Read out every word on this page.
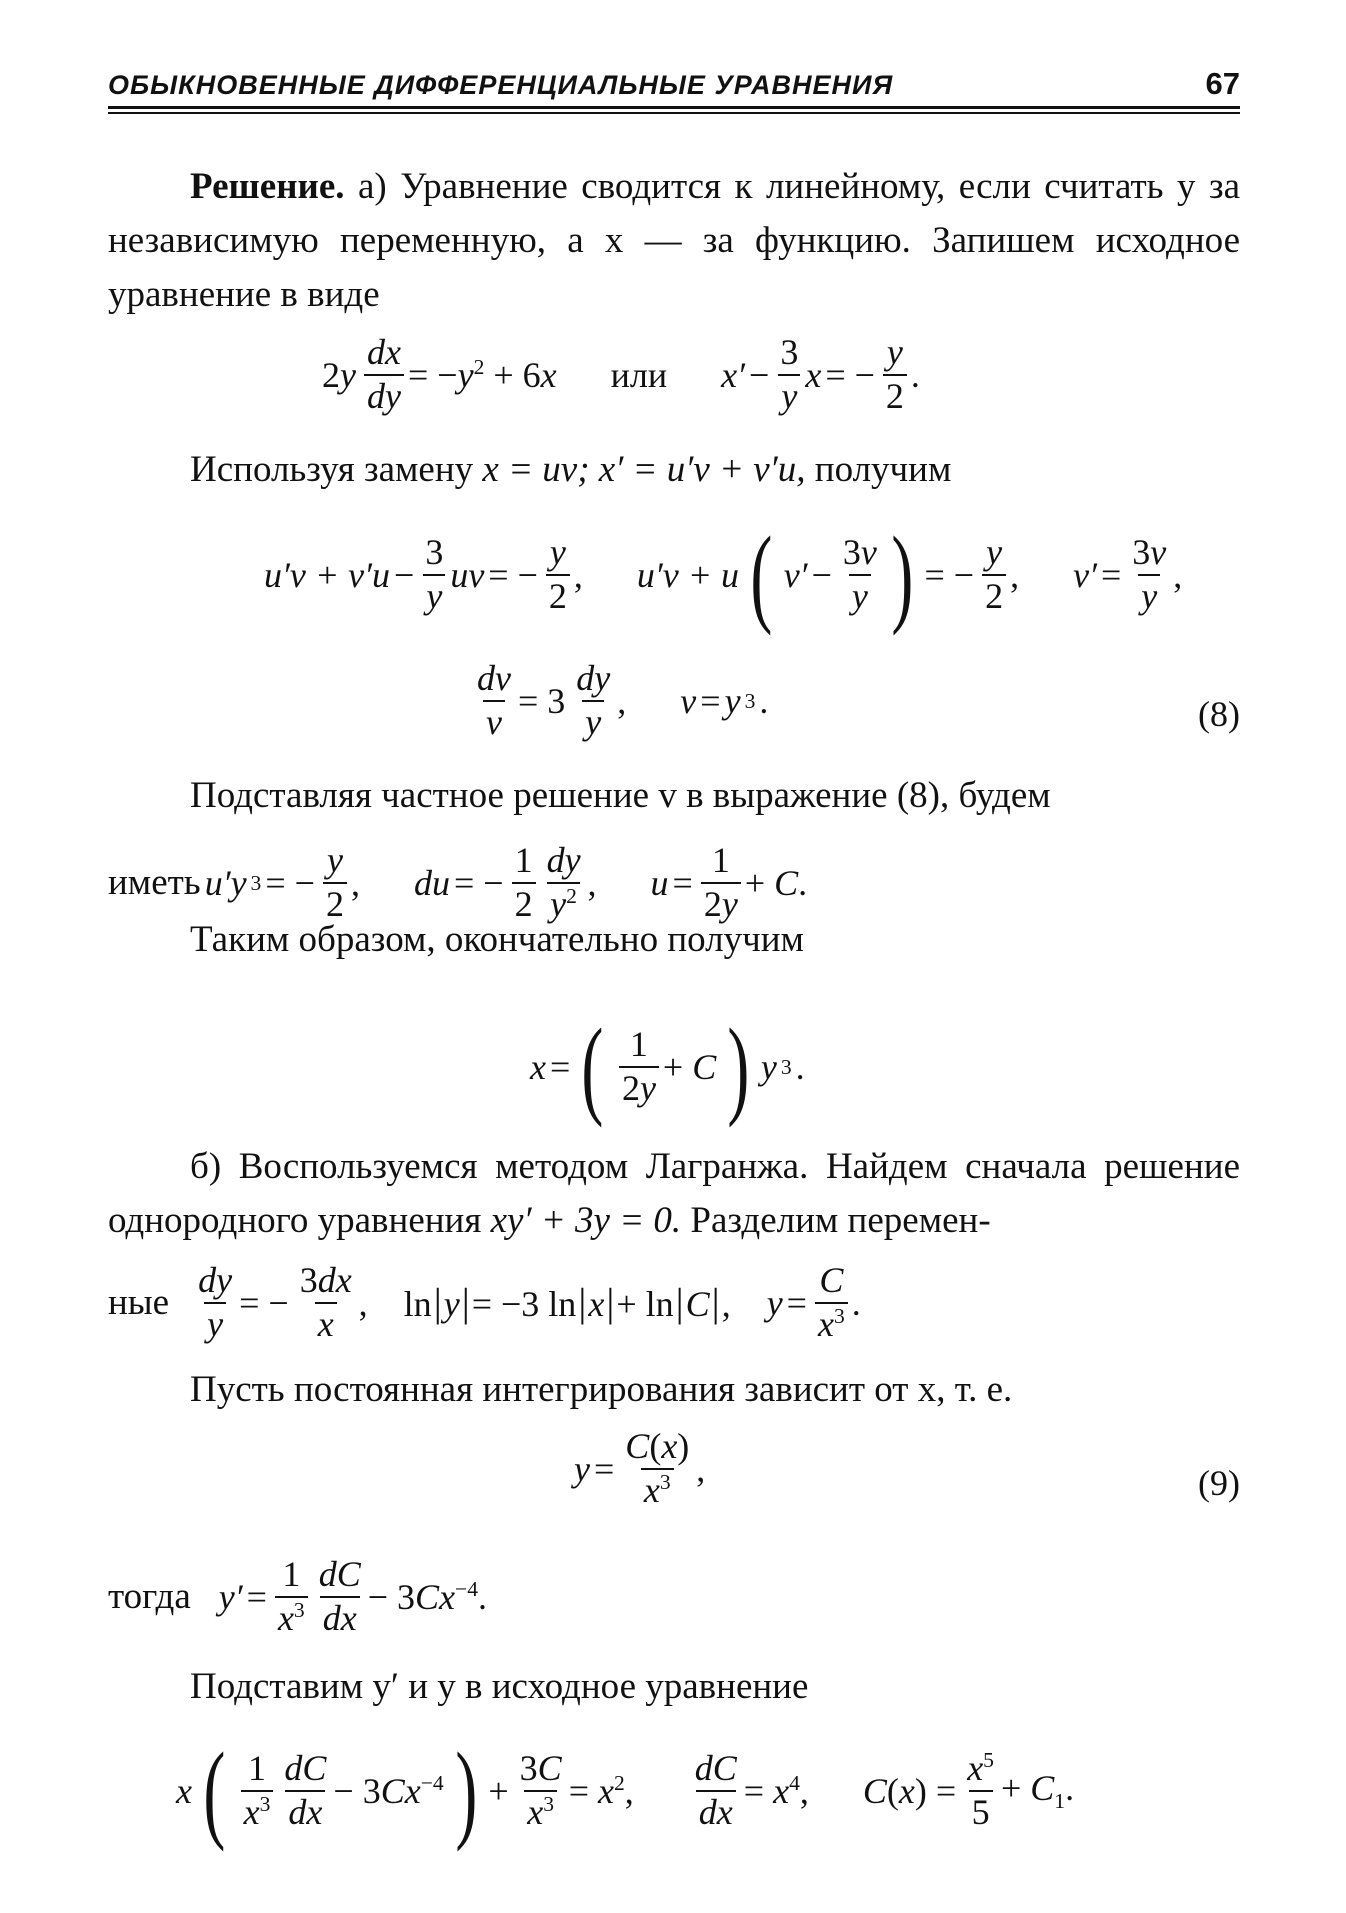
ОБЫКНОВЕННЫЕ ДИФФЕРЕНЦИАЛЬНЫЕ УРАВНЕНИЯ	67
Решение. а) Уравнение сводится к линейному, если считать y за независимую переменную, а x — за функцию. Запишем исходное уравнение в виде
$2y \frac{dx}{dy} = -y^2 + 6x$ или $x' - \frac{3}{y}$ x = − $\frac{y}{2}$ .
Используя замену x = uv; x′ = u′v + v′u, получим
$u'v + v'u - \frac{3}{y}$ uv = − $\frac{y}{2}$ , u′v + u ( $v' - \frac{3v}{y}$ ) = − $\frac{y}{2}$ , $v' = \frac{3v}{y}$ ,
$\frac{dv}{v} = 3 \frac{dy}{y}$ , v = y 3 .	(8)
Подставляя частное решение v в выражение (8), будем
иметь u′y 3 = − $\frac{y}{2}$ , du = − $\frac{1}{2} \frac{dy}{y^2}$ , $u = \frac{1}{2y} + C$.
Таким образом, окончательно получим
x = ( $\frac{1}{2y} + C$ ) y 3 .
б) Воспользуемся методом Лагранжа. Найдем сначала решение однородного уравнения xy′ + 3y = 0. Разделим перемен-
ные $\frac{dy}{y}$ = − $\frac{3dx}{x}$ , ln|y|= −3 ln|x|+ ln|C|, $y = \frac{C}{x^3}$ .
Пусть постоянная интегрирования зависит от x, т. е.
$y = \frac{C(x)}{x^3}$ ,	(9)
тогда $y' = \frac{1}{x^3} \frac{dC}{dx} - 3Cx^{-4}$.
Подставим y′ и y в исходное уравнение
x ( $\frac{1}{x^3} \frac{dC}{dx} - 3Cx^{-4}$ ) + $\frac{3C}{x^3} = x^2$, $\frac{dC}{dx} = x^4$, $C(x) = \frac{x^5}{5} + C_1$.
